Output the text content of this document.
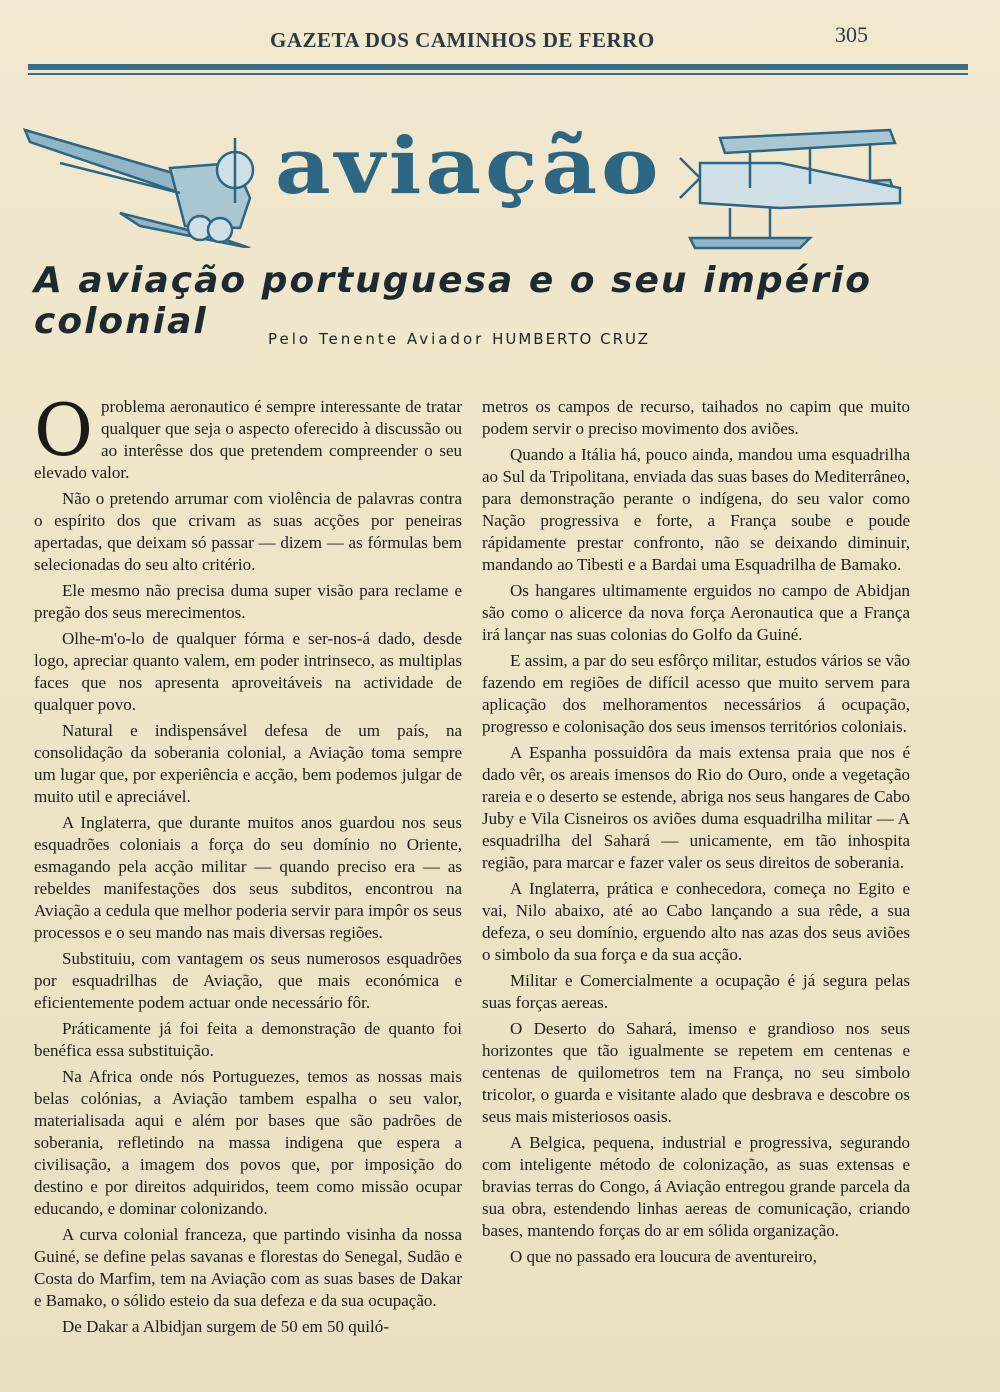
GAZETA DOS CAMINHOS DE FERRO	305
aviação
A aviação portuguesa e o seu império colonial	Pelo Tenente Aviador HUMBERTO CRUZ

Oproblema aeronautico é sempre interessante de tratar qualquer que seja o aspecto oferecido à discussão ou ao interêsse dos que pretendem compreender o seu elevado valor.

Não o pretendo arrumar com violência de palavras contra o espírito dos que crivam as suas acções por peneiras apertadas, que deixam só passar — dizem — as fórmulas bem selecionadas do seu alto critério.

Ele mesmo não precisa duma super visão para reclame e pregão dos seus merecimentos.

Olhe-m'o-lo de qualquer fórma e ser-nos-á dado, desde logo, apreciar quanto valem, em poder intrinseco, as multiplas faces que nos apresenta aproveitáveis na actividade de qualquer povo.

Natural e indispensável defesa de um país, na consolidação da soberania colonial, a Aviação toma sempre um lugar que, por experiência e acção, bem podemos julgar de muito util e apreciável.

A Inglaterra, que durante muitos anos guardou nos seus esquadrões coloniais a força do seu domínio no Oriente, esmagando pela acção militar — quando preciso era — as rebeldes manifestações dos seus subditos, encontrou na Aviação a cedula que melhor poderia servir para impôr os seus processos e o seu mando nas mais diversas regiões.

Substituiu, com vantagem os seus numerosos esquadrões por esquadrilhas de Aviação, que mais económica e eficientemente podem actuar onde necessário fôr.

Práticamente já foi feita a demonstração de quanto foi benéfica essa substituição.

Na Africa onde nós Portuguezes, temos as nossas mais belas colónias, a Aviação tambem espalha o seu valor, materialisada aqui e além por bases que são padrões de soberania, refletindo na massa indigena que espera a civilisação, a imagem dos povos que, por imposição do destino e por direitos adquiridos, teem como missão ocupar educando, e dominar colonizando.

A curva colonial franceza, que partindo visinha da nossa Guiné, se define pelas savanas e florestas do Senegal, Sudão e Costa do Marfim, tem na Aviação com as suas bases de Dakar e Bamako, o sólido esteio da sua defeza e da sua ocupação.

De Dakar a Albidjan surgem de 50 em 50 quiló-

metros os campos de recurso, taihados no capim que muito podem servir o preciso movimento dos aviões.

Quando a Itália há, pouco ainda, mandou uma esquadrilha ao Sul da Tripolitana, enviada das suas bases do Mediterrâneo, para demonstração perante o indígena, do seu valor como Nação progressiva e forte, a França soube e poude rápidamente prestar confronto, não se deixando diminuir, mandando ao Tibesti e a Bardai uma Esquadrilha de Bamako.

Os hangares ultimamente erguidos no campo de Abidjan são como o alicerce da nova força Aeronautica que a França irá lançar nas suas colonias do Golfo da Guiné.

E assim, a par do seu esfôrço militar, estudos vários se vão fazendo em regiões de difícil acesso que muito servem para aplicação dos melhoramentos necessários á ocupação, progresso e colonisação dos seus imensos territórios coloniais.

A Espanha possuidôra da mais extensa praia que nos é dado vêr, os areais imensos do Rio do Ouro, onde a vegetação rareia e o deserto se estende, abriga nos seus hangares de Cabo Juby e Vila Cisneiros os aviões duma esquadrilha militar — A esquadrilha del Sahará — unicamente, em tão inhospita região, para marcar e fazer valer os seus direitos de soberania.

A Inglaterra, prática e conhecedora, começa no Egito e vai, Nilo abaixo, até ao Cabo lançando a sua rêde, a sua defeza, o seu domínio, erguendo alto nas azas dos seus aviões o simbolo da sua força e da sua acção.

Militar e Comercialmente a ocupação é já segura pelas suas forças aereas.

O Deserto do Sahará, imenso e grandioso nos seus horizontes que tão igualmente se repetem em centenas e centenas de quilometros tem na França, no seu simbolo tricolor, o guarda e visitante alado que desbrava e descobre os seus mais misteriosos oasis.

A Belgica, pequena, industrial e progressiva, segurando com inteligente método de colonização, as suas extensas e bravias terras do Congo, á Aviação entregou grande parcela da sua obra, estendendo linhas aereas de comunicação, criando bases, mantendo forças do ar em sólida organização.

O que no passado era loucura de aventureiro,
